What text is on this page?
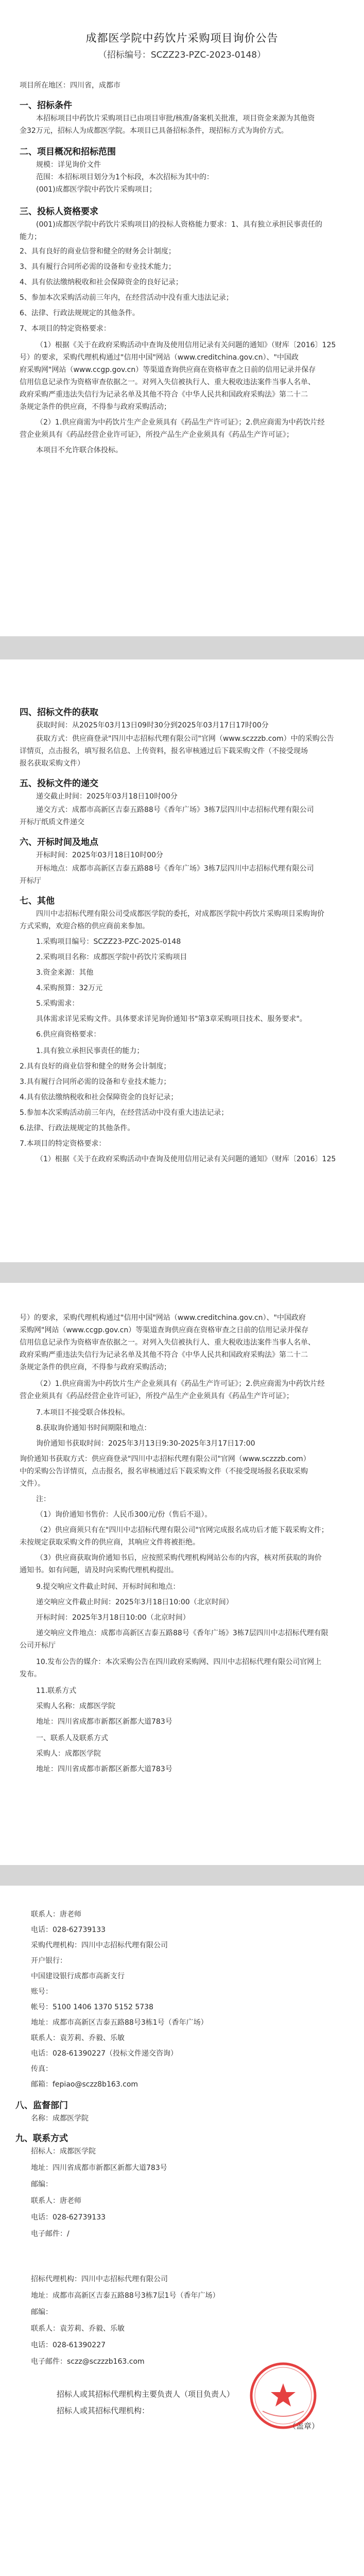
成都医学院中药饮片采购项目询价公告
（招标编号：SCZZ23-PZC-2023-0148）
项目所在地区：四川省，成都市
一、招标条件
本招标项目中药饮片采购项目已由项目审批/核准/备案机关批准，项目资金来源为其他资
金32万元，招标人为成都医学院。本项目已具备招标条件，现招标方式为询价方式。
二、项目概况和招标范围
规模：详见询价文件
范围：本招标项目划分为1个标段，本次招标为其中的：
(001)成都医学院中药饮片采购项目；
三、投标人资格要求
(001)成都医学院中药饮片采购项目)的投标人资格能力要求：1、具有独立承担民事责任的
能力；
2、具有良好的商业信誉和健全的财务会计制度；
3、具有履行合同所必需的设备和专业技术能力；
4、具有依法缴纳税收和社会保障资金的良好记录；
5、参加本次采购活动前三年内，在经营活动中没有重大违法记录；
6、法律、行政法规规定的其他条件。
7、本项目的特定资格要求：
（1）根据《关于在政府采购活动中查询及使用信用记录有关问题的通知》（财库〔2016〕125
号）的要求，采购代理机构通过"信用中国"网站（www.creditchina.gov.cn）、"中国政
府采购网"网站（www.ccgp.gov.cn）等渠道查询供应商在资格审查之日前的信用记录并保存
信用信息记录作为资格审查依据之一。对列入失信被执行人、重大税收违法案件当事人名单、
政府采购严重违法失信行为记录名单及其他不符合《中华人民共和国政府采购法》第二十二
条规定条件的供应商，不得参与政府采购活动；
（2）1.供应商需为中药饮片生产企业须具有《药品生产许可证》；2.供应商需为中药饮片经
营企业须具有《药品经营企业许可证》，所投产品生产企业须具有《药品生产许可证》；
本项目不允许联合体投标。
四、招标文件的获取
获取时间：从2025年03月13日09时30分到2025年03月17日17时00分
获取方式：供应商登录"四川中志招标代理有限公司"官网（www.sczzzb.com）中的采购公告
详情页，点击报名，填写报名信息、上传资料，报名审核通过后下载采购文件（不接受现场
报名获取采购文件）
五、投标文件的递交
递交截止时间：2025年03月18日10时00分
递交方式：成都市高新区吉泰五路88号《香年广场》3栋7层四川中志招标代理有限公司
开标厅纸质文件递交
六、开标时间及地点
开标时间：2025年03月18日10时00分
开标地点：成都市高新区吉泰五路88号《香年广场》3栋7层四川中志招标代理有限公司
开标厅
七、其他
四川中志招标代理有限公司受成都医学院的委托，对成都医学院中药饮片采购项目采购询价
方式采购，欢迎合格的供应商前来参加。
1.采购项目编号：SCZZ23-PZC-2025-0148
2.采购项目名称：成都医学院中药饮片采购项目
3.资金来源：其他
4.采购预算：32万元
5.采购需求：
具体需求详见采购文件。具体要求详见询价通知书"第3章采购项目技术、服务要求"。
6.供应商资格要求：
1.具有独立承担民事责任的能力；
2.具有良好的商业信誉和健全的财务会计制度；
3.具有履行合同所必需的设备和专业技术能力；
4.具有依法缴纳税收和社会保障资金的良好记录；
5.参加本次采购活动前三年内，在经营活动中没有重大违法记录；
6.法律、行政法规规定的其他条件。
7.本项目的特定资格要求：
（1）根据《关于在政府采购活动中查询及使用信用记录有关问题的通知》（财库〔2016〕125
号）的要求，采购代理机构通过"信用中国"网站（www.creditchina.gov.cn）、"中国政府
采购网"网站（www.ccgp.gov.cn）等渠道查询供应商在资格审查之日前的信用记录并保存
信用信息记录作为资格审查依据之一。对列入失信被执行人、重大税收违法案件当事人名单、
政府采购严重违法失信行为记录名单及其他不符合《中华人民共和国政府采购法》第二十二
条规定条件的供应商，不得参与政府采购活动；
（2）1.供应商需为中药饮片生产企业须具有《药品生产许可证》；2.供应商需为中药饮片经
营企业须具有《药品经营企业许可证》，所投产品生产企业须具有《药品生产许可证》；
7.本项目不接受联合体投标。
8.获取询价通知书时间期限和地点：
询价通知书获取时间：2025年3月13日9:30-2025年3月17日17:00
询价通知书获取方式：供应商登录"四川中志招标代理有限公司"官网（www.sczzzb.com）
中的采购公告详情页，点击报名，报名审核通过后下载采购文件（不接受现场报名获取采购
文件）。
注：
（1）询价通知书售价：人民币300元/份（售后不退）。
（2）供应商须只有在"四川中志招标代理有限公司"官网完成报名成功后才能下载采购文件；
未按规定获取采购文件的供应商，其响应文件将被拒绝。
（3）供应商获取询价通知书后，应按照采购代理机构网站公布的内容，核对所获取的询价
通知书。如有问题，请及时向采购代理机构提出。
9.提交响应文件截止时间、开标时间和地点：
递交响应文件截止时间：2025年3月18日10:00（北京时间）
开标时间：2025年3月18日10:00（北京时间）
递交响应文件地点：成都市高新区吉泰五路88号《香年广场》3栋7层四川中志招标代理有限
公司开标厅
10.发布公告的媒介：本次采购公告在四川政府采购网、四川中志招标代理有限公司官网上
发布。
11.联系方式
采购人名称：成都医学院
地址：四川省成都市新都区新都大道783号
一、联系人及联系方式
采购人：成都医学院
地址：四川省成都市新都区新都大道783号
联系人：唐老师
电话：028-62739133
采购代理机构：四川中志招标代理有限公司
开户银行：
中国建设银行成都市高新支行
账号：
帐号：5100 1406 1370 5152 5738
地址：成都市高新区吉泰五路88号3栋1号（香年广场）
联系人：袁芳莉、乔毅、乐敏
电话：028-61390227（投标文件递交咨询）
传真：
邮箱：fepiao@sczz8b163.com
八、监督部门
名称：成都医学院
九、联系方式
招标人：成都医学院
地址：四川省成都市新都区新都大道783号
邮编：
联系人：唐老师
电话：028-62739133
电子邮件：/
招标代理机构：四川中志招标代理有限公司
地址：成都市高新区吉泰五路88号3栋7层1号（香年广场）
邮编：
联系人：袁芳莉、乔毅、乐敏
电话：028-61390227
电子邮件：sczz@sczzzb163.com
招标人或其招标代理机构主要负责人（项目负责人）
招标人或其招标代理机构：
（盖章）
